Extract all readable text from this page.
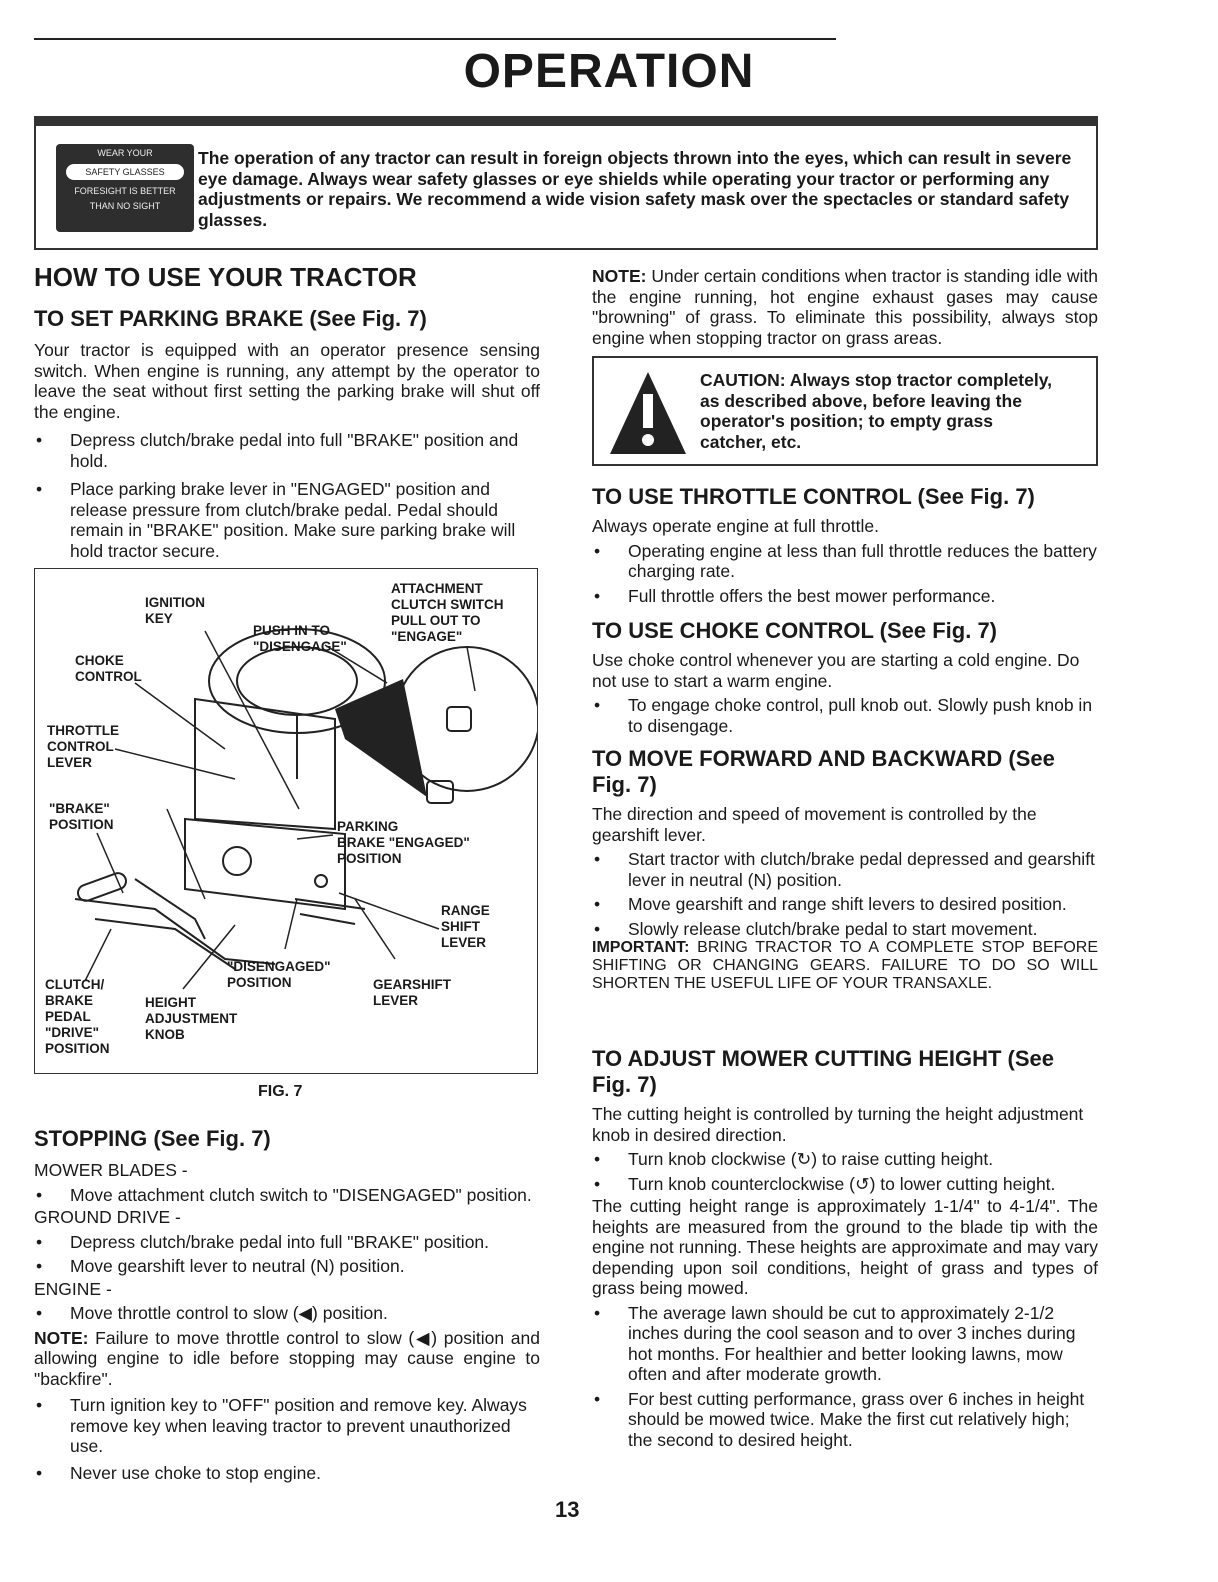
OPERATION
WEAR YOUR
SAFETY GLASSES
FORESIGHT IS BETTER
THAN NO SIGHT
The operation of any tractor can result in foreign objects thrown into the eyes, which can result in severe eye damage. Always wear safety glasses or eye shields while operating your tractor or performing any adjustments or repairs. We recommend a wide vision safety mask over the spectacles or standard safety glasses.
HOW TO USE YOUR TRACTOR
TO SET PARKING BRAKE (See Fig. 7)
Your tractor is equipped with an operator presence sensing switch. When engine is running, any attempt by the operator to leave the seat without first setting the parking brake will shut off the engine.
• Depress clutch/brake pedal into full "BRAKE" position and hold.
• Place parking brake lever in "ENGAGED" position and release pressure from clutch/brake pedal. Pedal should remain in "BRAKE" position. Make sure parking brake will hold tractor secure.
IGNITION
KEY
PUSH IN TO
"DISENGAGE"
ATTACHMENT
CLUTCH SWITCH
PULL OUT TO
"ENGAGE"
CHOKE
CONTROL
THROTTLE
CONTROL
LEVER
"BRAKE"
POSITION	PARKING
BRAKE "ENGAGED"
POSITION
RANGE
SHIFT
LEVER
"DISENGAGED"
POSITION	GEARSHIFT
LEVER
CLUTCH/
BRAKE
PEDAL
"DRIVE"
POSITION
HEIGHT
ADJUSTMENT
KNOB
FIG. 7
STOPPING (See Fig. 7)
MOWER BLADES -
• Move attachment clutch switch to "DISENGAGED" position.
GROUND DRIVE -
• Depress clutch/brake pedal into full "BRAKE" position.
• Move gearshift lever to neutral (N) position.
ENGINE -
• Move throttle control to slow (◀) position.
NOTE: Failure to move throttle control to slow (◀) position and allowing engine to idle before stopping may cause engine to "backfire".
• Turn ignition key to "OFF" position and remove key. Always remove key when leaving tractor to prevent unauthorized use.
• Never use choke to stop engine.
NOTE: Under certain conditions when tractor is standing idle with the engine running, hot engine exhaust gases may cause "browning" of grass. To eliminate this possibility, always stop engine when stopping tractor on grass areas.
CAUTION: Always stop tractor completely, as described above, before leaving the operator's position; to empty grass catcher, etc.
TO USE THROTTLE CONTROL (See Fig. 7)
Always operate engine at full throttle.
• Operating engine at less than full throttle reduces the battery charging rate.
• Full throttle offers the best mower performance.
TO USE CHOKE CONTROL (See Fig. 7)
Use choke control whenever you are starting a cold engine. Do not use to start a warm engine.
• To engage choke control, pull knob out. Slowly push knob in to disengage.
TO MOVE FORWARD AND BACKWARD (See Fig. 7)
The direction and speed of movement is controlled by the gearshift lever.
• Start tractor with clutch/brake pedal depressed and gearshift lever in neutral (N) position.
• Move gearshift and range shift levers to desired position.
• Slowly release clutch/brake pedal to start movement.
IMPORTANT: BRING TRACTOR TO A COMPLETE STOP BEFORE SHIFTING OR CHANGING GEARS. FAILURE TO DO SO WILL SHORTEN THE USEFUL LIFE OF YOUR TRANSAXLE.
TO ADJUST MOWER CUTTING HEIGHT (See Fig. 7)
The cutting height is controlled by turning the height adjustment knob in desired direction.
• Turn knob clockwise (↻) to raise cutting height.
• Turn knob counterclockwise (↺) to lower cutting height.
The cutting height range is approximately 1-1/4" to 4-1/4". The heights are measured from the ground to the blade tip with the engine not running. These heights are approximate and may vary depending upon soil conditions, height of grass and types of grass being mowed.
• The average lawn should be cut to approximately 2-1/2 inches during the cool season and to over 3 inches during hot months. For healthier and better looking lawns, mow often and after moderate growth.
• For best cutting performance, grass over 6 inches in height should be mowed twice. Make the first cut relatively high; the second to desired height.
13
